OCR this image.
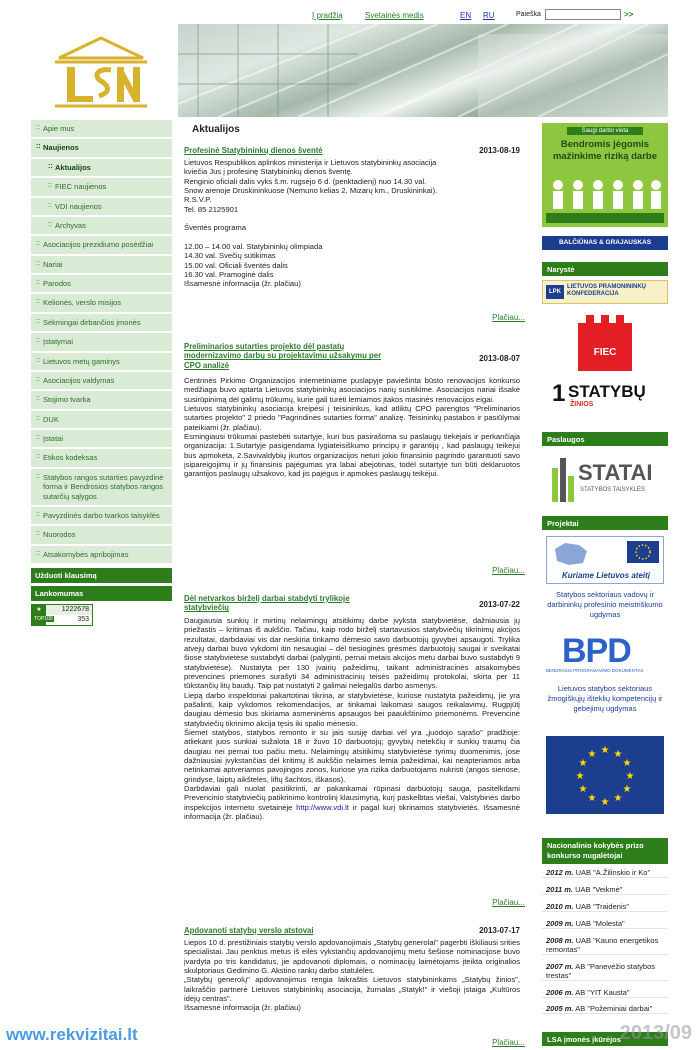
Į pradžią	Svetainės medis	EN RU	Paieška	>>
:: Apie mus
:: Naujienos
:: Aktualijos
:: FIEC naujienos
:: VDI naujienos
:: Archyvas
:: Asociacijos prezidiumo posėdžiai
:: Nariai
:: Parodos
:: Kelionės, verslo misijos
:: Sėkmingai dirbančios įmonės
:: Įstatymai
:: Lietuvos metų gaminys
:: Asociacijos valdymas
:: Stojimo tvarka
:: DUK
:: Įstatai
:: Etikos kodeksas
:: Statybos rangos sutarties pavyzdinė forma ir Bendrosios statybos rangos sutarčių sąlygos
:: Pavyzdinės darbo tvarkos taisyklės
:: Nuorodos
:: Atsakomybės apribojimas
Užduoti klausimą
Lankomumas
1222678
353
★
TOP100
Aktualijos
Profesinė Statybininkų dienos šventė	2013-08-19
Lietuvos Respublikos aplinkos ministerija ir Lietuvos statybininkų asociacija
kviečia Jus į profesinę Statybininkų dienos šventę.
Renginio oficiali dalis vyks š.m. rugsėjo 6 d. (penktadienį) nuo 14.30 val.
Snow arenoje Druskininkuose (Nemuno kelias 2, Mizarų km., Druskininkai).
R.S.V.P.
Tel. 85 2125901

Šventės programa

12.00 – 14.00 val. Statybininkų olimpiada
14.30 val. Svečių sutikimas
15.00 val. Oficiali šventės dalis
16.30 val. Pramoginė dalis
Išsamesnė informacija (žr. plačiau)
Plačiau...
Preliminarios sutarties projekto dėl pastatų modernizavimo darbų su projektavimu užsakymu per CPO analizė
2013-08-07
Centrinės Pirkimo Organizacijos internetiniame puslapyje paviešinta būsto renovacijos konkurso medžiaga buvo aptarta Lietuvos statybininkų asociacijos narių susitikime. Asociacijos nariai išsakė susirūpinimą dėl galimų trūkumų, kurie gali turėti lemiamos įtakos masinės renovacijos eigai.
Lietuvos statybininkų asociacija kreipėsi į teisininkus, kad atliktų CPO parengtos "Preliminarios sutarties projekto" 2 priedo "Pagrindinės sutarties forma" analizę. Teisininkų pastabos ir pasiūlymai pateikiami (žr. plačiau).
Esmingiausi trūkumai pastebėti sutartyje, kuri bus pasirašoma su paslaugų tiekėjais ir perkančiąja organizacija: 1.Sutartyje pasigendama lygiateisiškumo principų ir garantijų , kad paslaugų teikėjui bus apmokėta, 2.Savivaldybių įkurtos organizacijos neturi jokio finansinio pagrindo garantuoti savo įsipareigojimų ir jų finansinis pajėgumas yra labai abejotinas, todėl sutartyje turi būti deklaruotos garantijos paslaugų užsakovo, kad jis pajėgus ir apmokės paslaugų teikėjui.
Plačiau...
Dėl netvarkos birželį darbai stabdyti trylikoje statybviečių	2013-07-22
Daugiausia sunkių ir mirtinų nelaimingų atsitikimų darbe įvyksta statybvietėse, dažniausia jų priežastis – kritimas iš aukščio. Tačiau, kaip rodo birželį startavusios statybviečių tikrinimų akcijos rezultatai, darbdaviai vis dar neskiria tinkamo dėmesio savo darbuotojų gyvybei apsaugoti. Trylika atvejų darbai buvo vykdomi itin nesaugiai – dėl tiesioginės grėsmės darbuotojų saugai ir sveikatai šiose statybvietėse sustabdyti darbai (palyginti, pernai metais akcijos metu darbai buvo sustabdyti 9 statybvietėse). Nustatyta per 130 įvairių pažeidimų, taikant administracinės atsakomybės prevencines priemones surašyti 34 administracinių teisės pažeidimų protokolai, skirta per 11 tūkstančių litų baudų. Taip pat nustatyti 2 galimai nelegalūs darbo asmenys.
Liepą darbo inspektoriai pakartotinai tikrina, ar statybvietėse, kuriose nustatyta pažeidimų, jie yra pašalinti, kaip vykdomos rekomendacijos, ar tinkamai laikomasi saugos reikalavimų. Rugpjūtį daugiau dėmesio bus skiriama asmeninėms apsaugos bei paaukštinimo priemonėms. Prevencinė statybviečių tikrinimo akcija tęsis iki spalio mėnesio.
Šiemet statybos, statybos remonto ir su jais susiję darbai vėl yra „juodojo sąrašo" pradžioje: atliekant juos sunkiai sužalota 18 ir žuvo 10 darbuotojų; gyvybių netekčių ir sunkių traumų čia daugiau nei pernai tuo pačiu metu. Nelaimingų atsitikimų statybvietėse tyrimų duomenimis, jose dažniausiai įvykstančias dėl kritimų iš aukščio nelaimes lemia pažeidimai, kai neapteriamos arba netinkamai aptveriamos pavojingos zonos, kuriose yra rizika darbuotojams nukristi (angos sienose, grindyse, laiptų aikštelės, liftų šachtos, iškasos).
Darbdaviai gali nuolat pasitikrinti, ar pakankamai rūpinasi darbuotojų sauga, pasitelkdami Prevencinio statybviečių patikrinimo kontrolinį klausimyną, kurį paskelbtas viešai, Valstybinės darbo inspekcijos interneto svetainėje http://www.vdi.lt ir pagal kurį tikrinamos statybvietės. Išsamesnė informacija (žr. plačiau).
Plačiau...
Apdovanoti statybų verslo atstovai	2013-07-17
Liepos 10 d. prestižiniais statybų verslo apdovanojimais „Statybų generolai" pagerbti iškiliausi srities specialistai. Jau penktus metus iš eilės vykstančių apdovanojimų metu šešiose nominacijose buvo įvardyta po tris kandidatus, jie apdovanoti diplomais, o nominacijų laimėtojams įteikta originalios skulptoriaus Gedimino G. Akstino rankų darbo statulėlės.
„Statybų generolų" apdovanojimus rengia laikraštis Lietuvos statybininkams „Statybų žinios", laikraščio partnerė Lietuvos statybininkų asociacija, žurnalas „Statyk!" ir viešoji įstaiga „Kultūros idėjų centras".
Išsamesnė informacija (žr. plačiau)
Plačiau...
Saugi darbo vieta
Bendromis jėgomis
mažinkime riziką darbe
BALČIŪNAS & GRAJAUSKAS
Narystė
LPK
LIETUVOS PRAMONININKŲ KONFEDERACIJA
FIEC
1 STATYBŲ
ŽINIOS
Paslaugos
STATAI
STATYBOS TAISYKLĖS
Projektai
Kuriame Lietuvos ateitį
Statybos sektoriaus vadovų ir darbininkų profesinio meistriškumo ugdymas
BPD
BENDRASIS PROGRAMAVIMO DOKUMENTAS
Lietuvos statybos sektoriaus žmogiškųjų išteklių kompetencijų ir gebėjimų ugdymas
★ ★
★
★
★
★
★
★
★
★
★
★
Nacionalinio kokybės prizo konkurso nugalėtojai
2012 m. UAB "A.Žilinskio ir Ko"
2011 m. UAB "Veikmė"
2010 m. UAB "Traidenis"
2009 m. UAB "Molesta"
2008 m. UAB "Kauno energetikos remontas"
2007 m. AB "Panevėžio statybos trestas"
2006 m. AB "YIT Kausta"
2005 m. AB "Požeminiai darbai"
LSA įmonės įkūrėjos
www.rekvizitai.lt	2013/09
